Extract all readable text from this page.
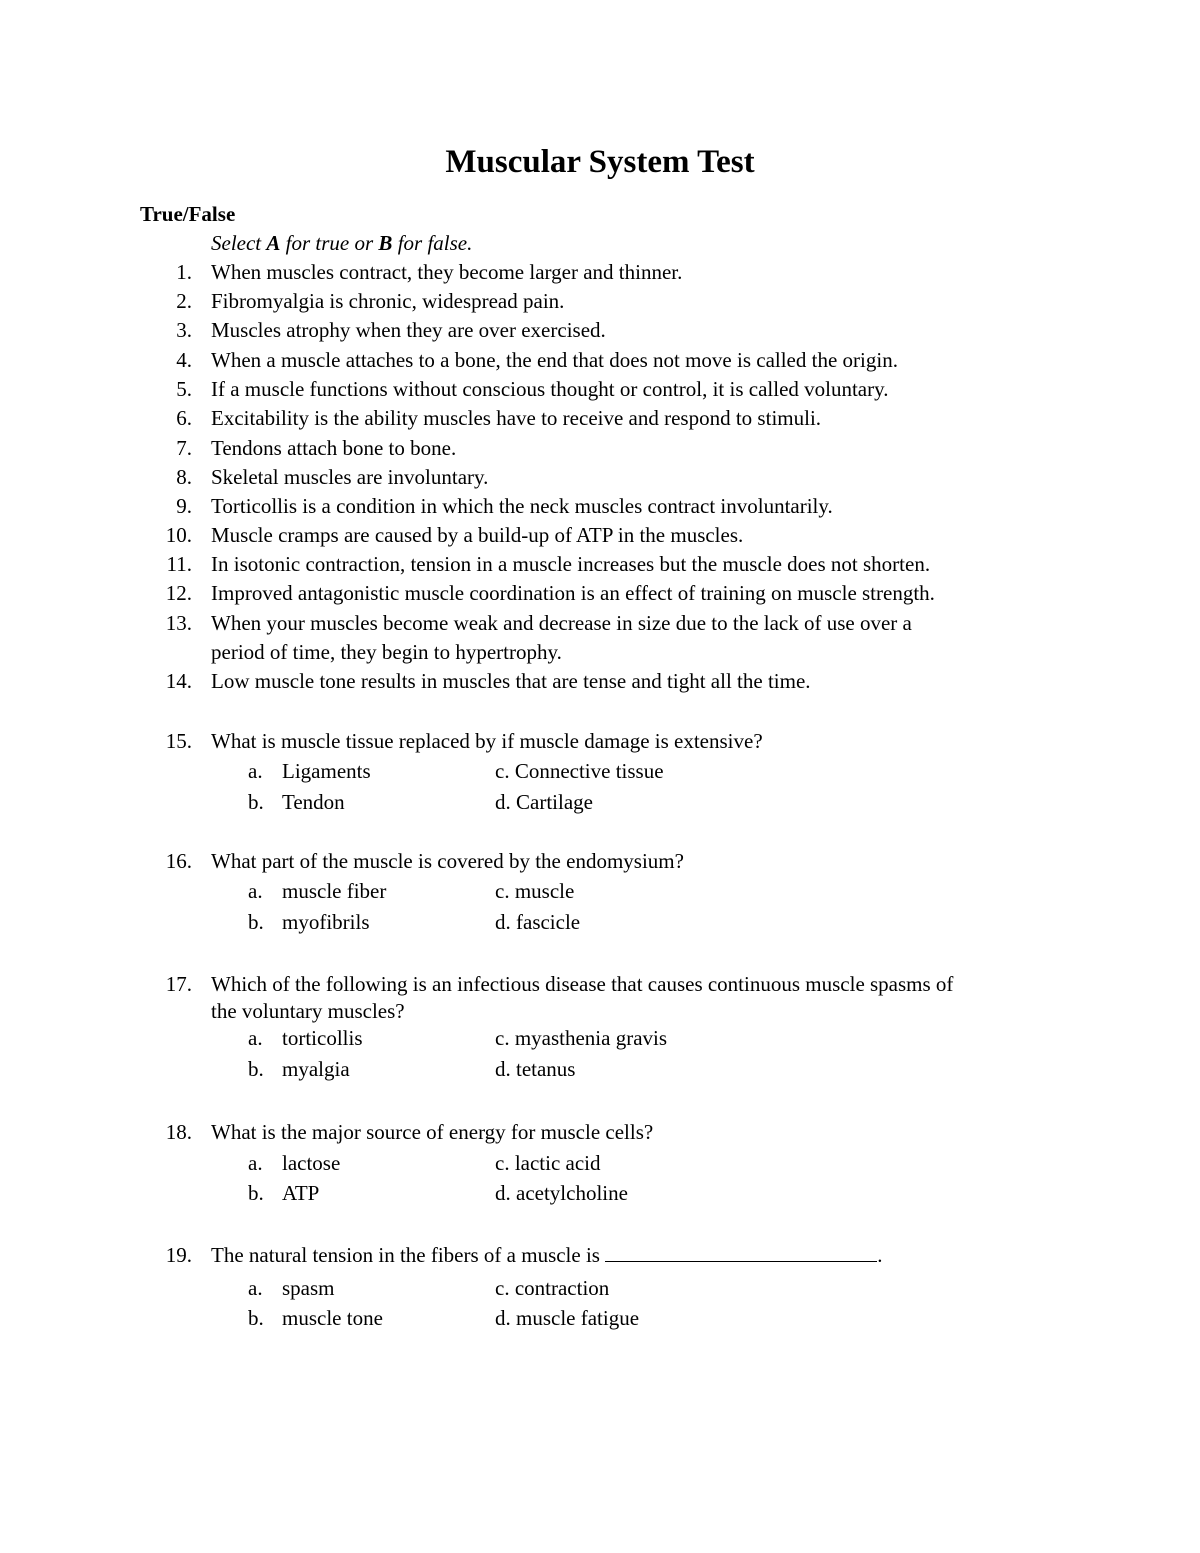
Muscular System Test
True/False
Select A for true or B for false.
1. When muscles contract, they become larger and thinner.
2. Fibromyalgia is chronic, widespread pain.
3. Muscles atrophy when they are over exercised.
4. When a muscle attaches to a bone, the end that does not move is called the origin.
5. If a muscle functions without conscious thought or control, it is called voluntary.
6. Excitability is the ability muscles have to receive and respond to stimuli.
7. Tendons attach bone to bone.
8. Skeletal muscles are involuntary.
9. Torticollis is a condition in which the neck muscles contract involuntarily.
10. Muscle cramps are caused by a build-up of ATP in the muscles.
11. In isotonic contraction, tension in a muscle increases but the muscle does not shorten.
12. Improved antagonistic muscle coordination is an effect of training on muscle strength.
13. When your muscles become weak and decrease in size due to the lack of use over a
period of time, they begin to hypertrophy.
14. Low muscle tone results in muscles that are tense and tight all the time.
15. What is muscle tissue replaced by if muscle damage is extensive?
a. Ligaments	c. Connective tissue
b. Tendon	d. Cartilage
16. What part of the muscle is covered by the endomysium?
a. muscle fiber	c. muscle
b. myofibrils	d. fascicle
17. Which of the following is an infectious disease that causes continuous muscle spasms of
the voluntary muscles?
a. torticollis	c. myasthenia gravis
b. myalgia	d. tetanus
18. What is the major source of energy for muscle cells?
a. lactose	c. lactic acid
b. ATP	d. acetylcholine
19. The natural tension in the fibers of a muscle is	.
a. spasm	c. contraction
b. muscle tone	d. muscle fatigue
